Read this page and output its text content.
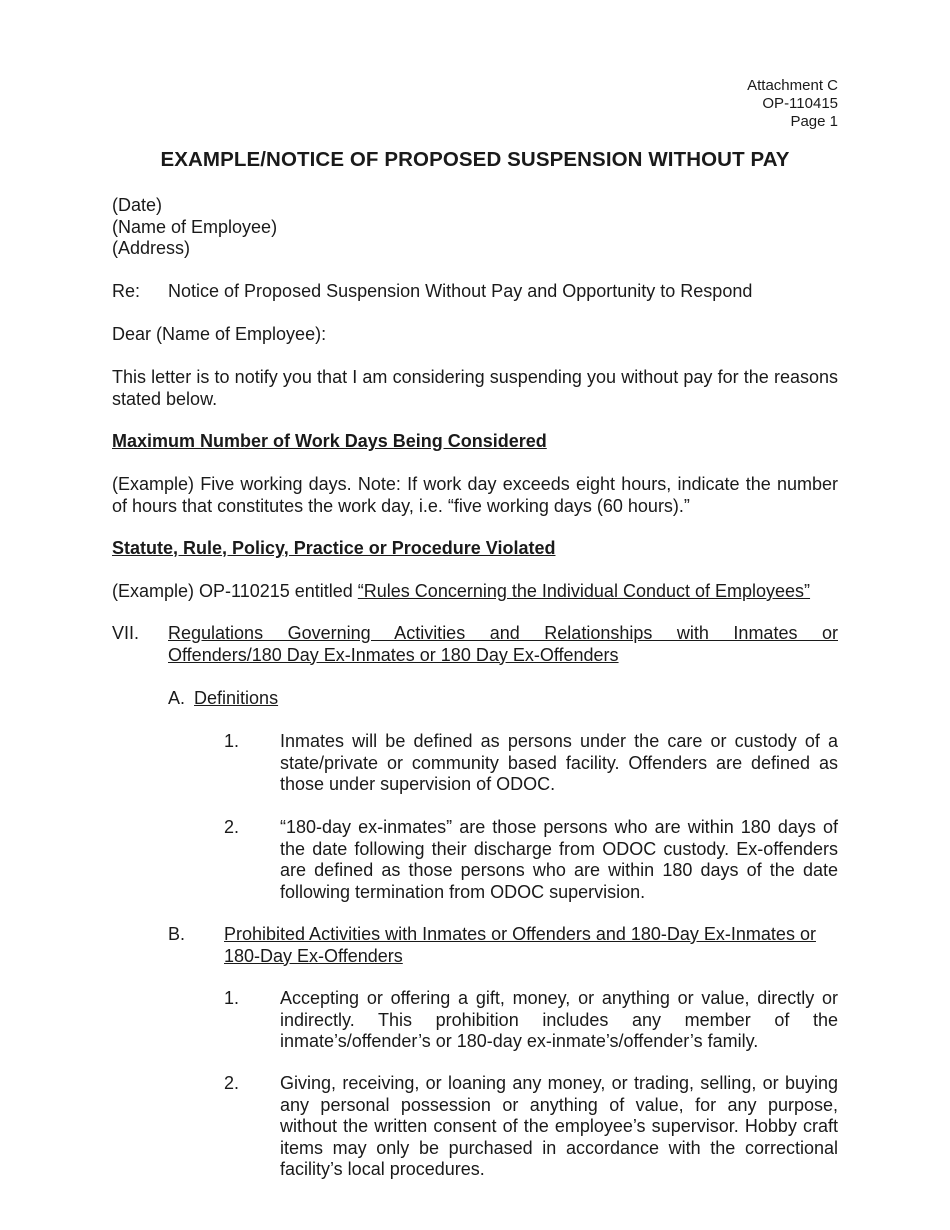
Attachment C
OP-110415
Page 1
EXAMPLE/NOTICE OF PROPOSED SUSPENSION WITHOUT PAY
(Date)
(Name of Employee)
(Address)
Re: Notice of Proposed Suspension Without Pay and Opportunity to Respond
Dear (Name of Employee):
This letter is to notify you that I am considering suspending you without pay for the reasons stated below.
Maximum Number of Work Days Being Considered
(Example) Five working days. Note: If work day exceeds eight hours, indicate the number of hours that constitutes the work day, i.e. “five working days (60 hours).”
Statute, Rule, Policy, Practice or Procedure Violated
(Example) OP-110215 entitled “Rules Concerning the Individual Conduct of Employees”
VII. Regulations Governing Activities and Relationships with Inmates or
Offenders/180 Day Ex-Inmates or 180 Day Ex-Offenders
A. Definitions
1. Inmates will be defined as persons under the care or custody of a state/private or community based facility. Offenders are defined as those under supervision of ODOC.
2. “180-day ex-inmates” are those persons who are within 180 days of the date following their discharge from ODOC custody. Ex-offenders are defined as those persons who are within 180 days of the date following termination from ODOC supervision.
B. Prohibited Activities with Inmates or Offenders and 180-Day Ex-Inmates or 180-Day Ex-Offenders
1. Accepting or offering a gift, money, or anything or value, directly or indirectly. This prohibition includes any member of the inmate’s/offender’s or 180-day ex-inmate’s/offender’s family.
2. Giving, receiving, or loaning any money, or trading, selling, or buying any personal possession or anything of value, for any purpose, without the written consent of the employee’s supervisor. Hobby craft items may only be purchased in accordance with the correctional facility’s local procedures.
